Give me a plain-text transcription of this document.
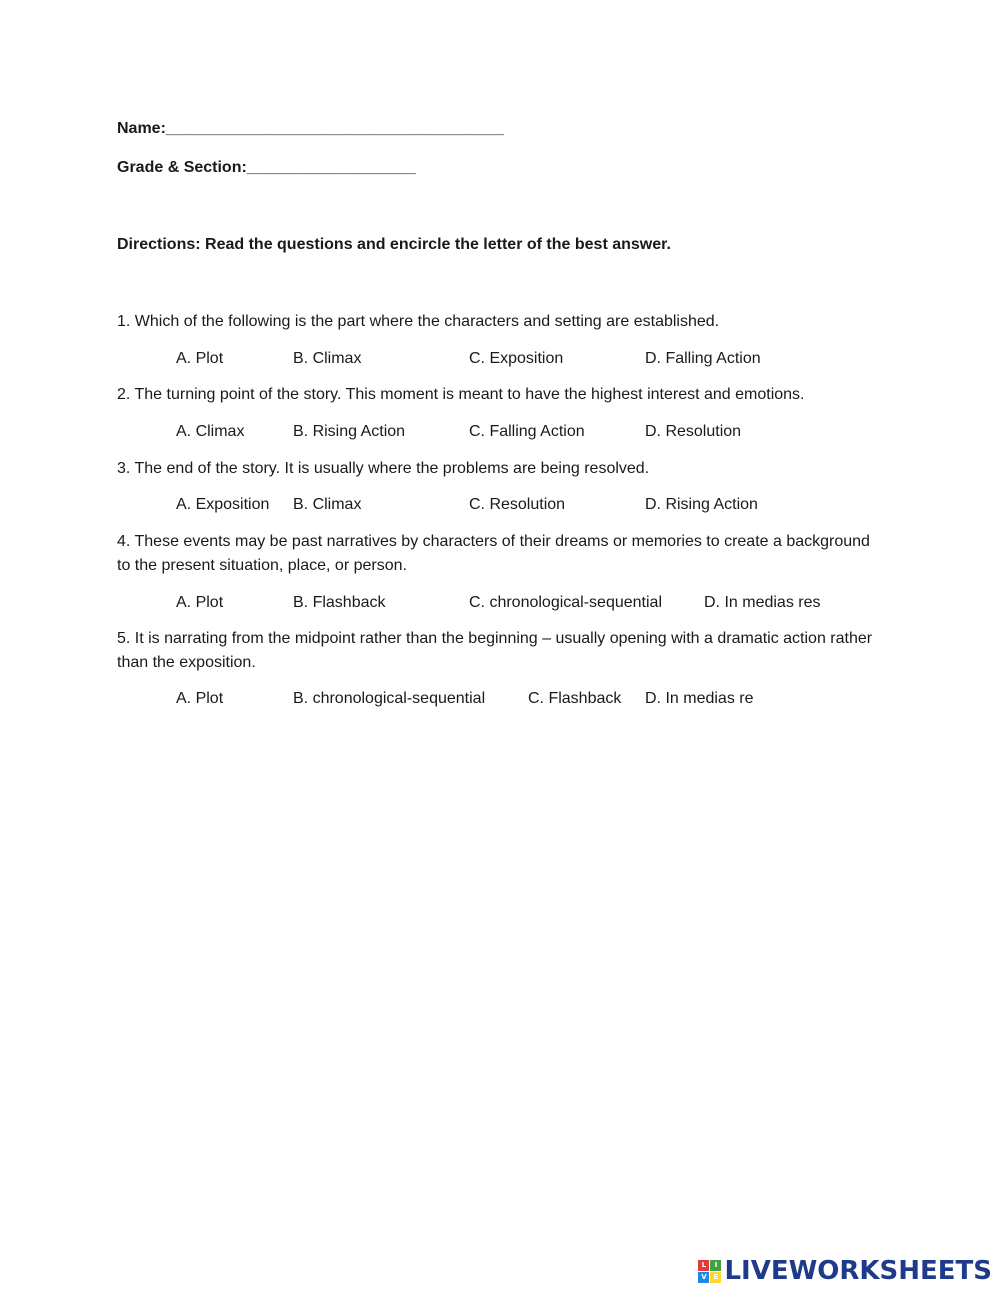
Name:______________________________________
Grade & Section:___________________
Directions: Read the questions and encircle the letter of the best answer.
1. Which of the following is the part where the characters and setting are established.
A. Plot	B. Climax	C. Exposition	D. Falling Action
2. The turning point of the story. This moment is meant to have the highest interest and emotions.
A. Climax	B. Rising Action	C. Falling Action	D. Resolution
3. The end of the story. It is usually where the problems are being resolved.
A. Exposition B. Climax	C. Resolution	D. Rising Action
4. These events may be past narratives by characters of their dreams or memories to create a background to the present situation, place, or person.
A. Plot	B. Flashback	C. chronological-sequential	D. In medias res
5. It is narrating from the midpoint rather than the beginning – usually opening with a dramatic action rather than the exposition.
A. Plot	B. chronological-sequential	C. Flashback D. In medias re
L	I
V E LIVEWORKSHEETS
